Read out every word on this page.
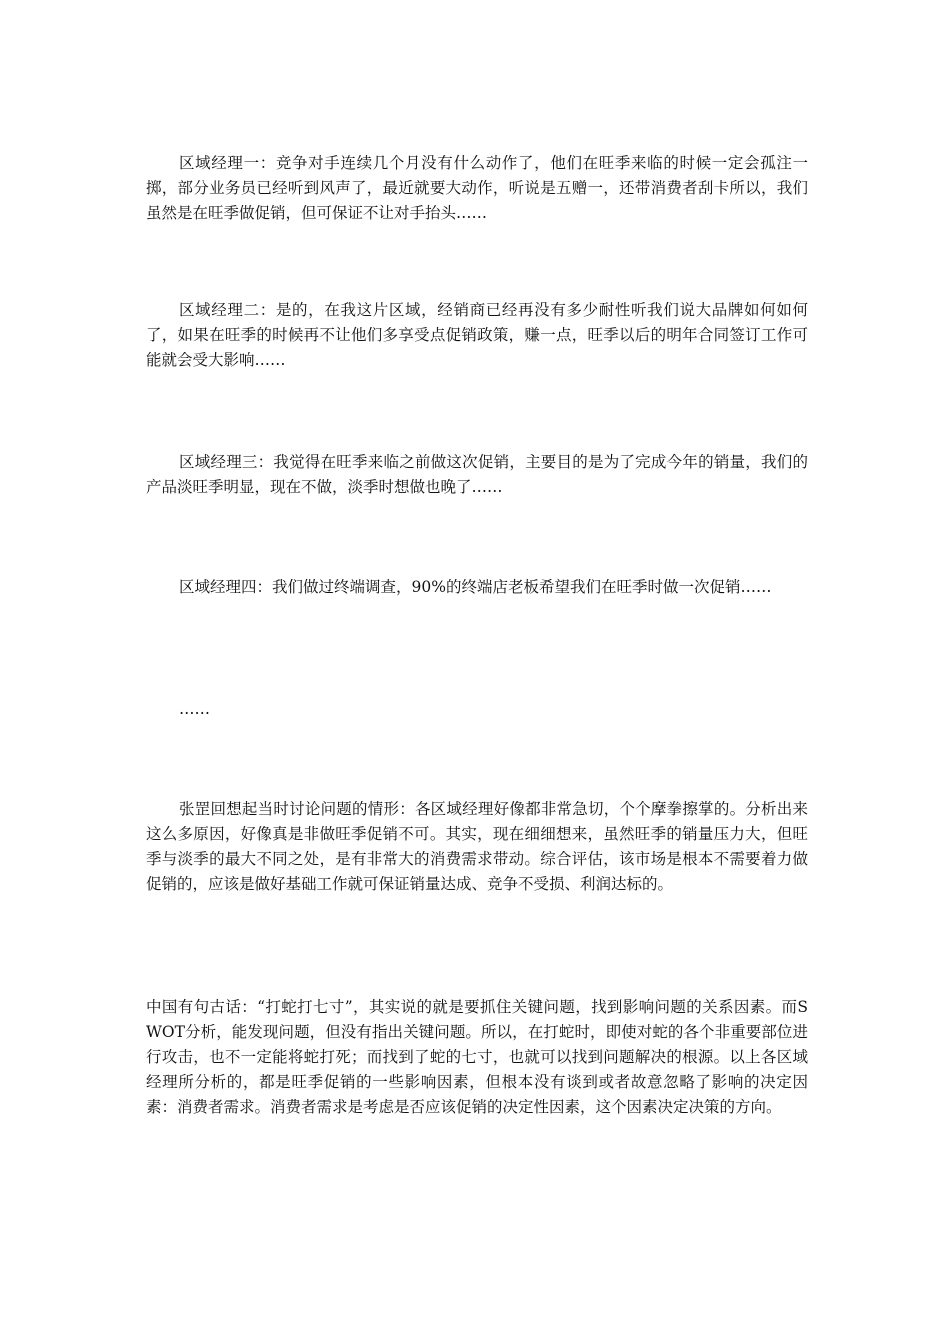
区域经理一：竞争对手连续几个月没有什么动作了，他们在旺季来临的时候一定会孤注一掷，部分业务员已经听到风声了，最近就要大动作，听说是五赠一，还带消费者刮卡所以，我们虽然是在旺季做促销，但可保证不让对手抬头……

区域经理二：是的，在我这片区域，经销商已经再没有多少耐性听我们说大品牌如何如何了，如果在旺季的时候再不让他们多享受点促销政策，赚一点，旺季以后的明年合同签订工作可能就会受大影响……

区域经理三：我觉得在旺季来临之前做这次促销，主要目的是为了完成今年的销量，我们的产品淡旺季明显，现在不做，淡季时想做也晚了……

区域经理四：我们做过终端调查，90%的终端店老板希望我们在旺季时做一次促销……

……

张罡回想起当时讨论问题的情形：各区域经理好像都非常急切，个个摩拳擦掌的。分析出来这么多原因，好像真是非做旺季促销不可。其实，现在细细想来，虽然旺季的销量压力大，但旺季与淡季的最大不同之处，是有非常大的消费需求带动。综合评估，该市场是根本不需要着力做促销的，应该是做好基础工作就可保证销量达成、竞争不受损、利润达标的。

中国有句古话：“打蛇打七寸”，其实说的就是要抓住关键问题，找到影响问题的关系因素。而SWOT分析，能发现问题，但没有指出关键问题。所以，在打蛇时，即使对蛇的各个非重要部位进行攻击，也不一定能将蛇打死；而找到了蛇的七寸，也就可以找到问题解决的根源。以上各区域经理所分析的，都是旺季促销的一些影响因素，但根本没有谈到或者故意忽略了影响的决定因素：消费者需求。消费者需求是考虑是否应该促销的决定性因素，这个因素决定决策的方向。
